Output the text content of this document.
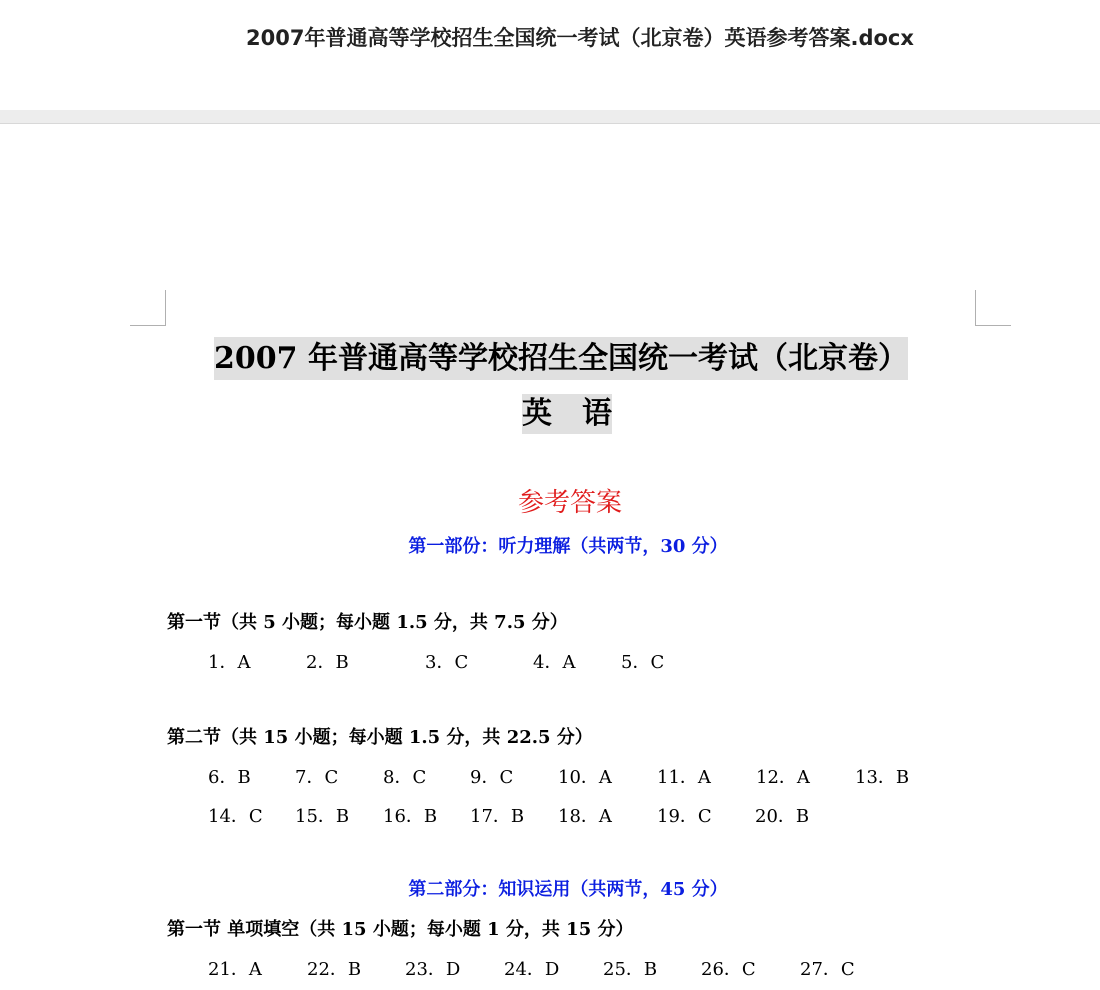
2007年普通高等学校招生全国统一考试（北京卷）英语参考答案.docx
2007 年普通高等学校招生全国统一考试（北京卷）
英　语
参考答案
第一部份：听力理解（共两节，30 分）
第一节（共 5 小题；每小题 1.5 分，共 7.5 分）
1．A	2．B	3．C	4．A	5．C
第二节（共 15 小题；每小题 1.5 分，共 22.5 分）
6．B 7．C 8．C 9．C 10．A	11．A	12．A	13．B
14．C 15．B 16．B 17．B 18．A	19．C 20．B
第二部分：知识运用（共两节，45 分）
第一节 单项填空（共 15 小题；每小题 1 分，共 15 分）
21．A	22．B 23．D 24．D 25．B 26．C 27．C
